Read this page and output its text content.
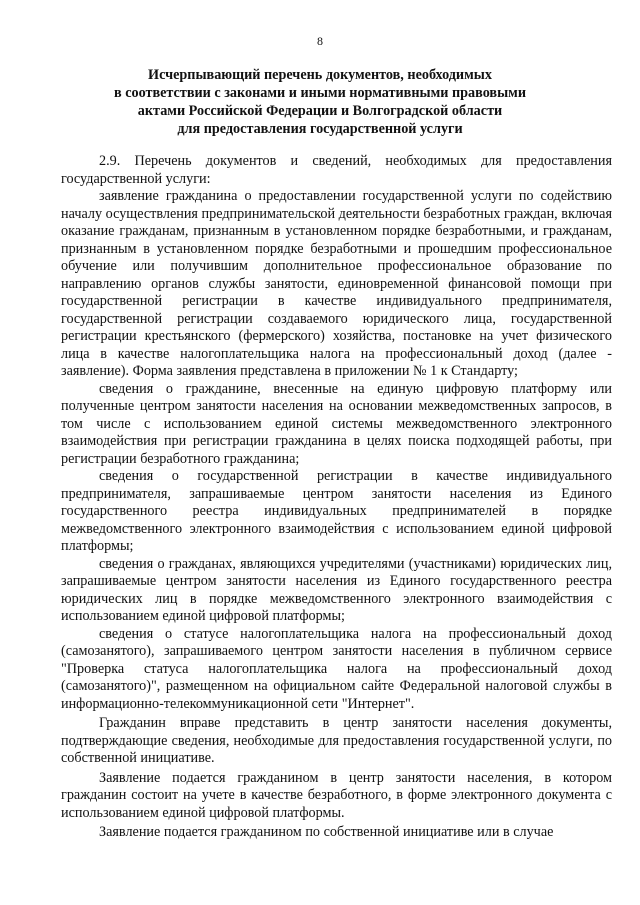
8
Исчерпывающий перечень документов, необходимых
в соответствии с законами и иными нормативными правовыми
актами Российской Федерации и Волгоградской области
для предоставления государственной услуги

2.9. Перечень документов и сведений, необходимых для предоставления государственной услуги:

заявление гражданина о предоставлении государственной услуги по содействию началу осуществления предпринимательской деятельности безработных граждан, включая оказание гражданам, признанным в установленном порядке безработными, и гражданам, признанным в установленном порядке безработными и прошедшим профессиональное обучение или получившим дополнительное профессиональное образование по направлению органов службы занятости, единовременной финансовой помощи при государственной регистрации в качестве индивидуального предпринимателя, государственной регистрации создаваемого юридического лица, государственной регистрации крестьянского (фермерского) хозяйства, постановке на учет физического лица в качестве налогоплательщика налога на профессиональный доход (далее - заявление). Форма заявления представлена в приложении № 1 к Стандарту;

сведения о гражданине, внесенные на единую цифровую платформу или полученные центром занятости населения на основании межведомственных запросов, в том числе с использованием единой системы межведомственного электронного взаимодействия при регистрации гражданина в целях поиска подходящей работы, при регистрации безработного гражданина;

сведения о государственной регистрации в качестве индивидуального предпринимателя, запрашиваемые центром занятости населения из Единого государственного реестра индивидуальных предпринимателей в порядке межведомственного электронного взаимодействия с использованием единой цифровой платформы;

сведения о гражданах, являющихся учредителями (участниками) юридических лиц, запрашиваемые центром занятости населения из Единого государственного реестра юридических лиц в порядке межведомственного электронного взаимодействия с использованием единой цифровой платформы;

сведения о статусе налогоплательщика налога на профессиональный доход (самозанятого), запрашиваемого центром занятости населения в публичном сервисе "Проверка статуса налогоплательщика налога на профессиональный доход (самозанятого)", размещенном на официальном сайте Федеральной налоговой службы в информационно-телекоммуникационной сети "Интернет".

Гражданин вправе представить в центр занятости населения документы, подтверждающие сведения, необходимые для предоставления государственной услуги, по собственной инициативе.

Заявление подается гражданином в центр занятости населения, в котором гражданин состоит на учете в качестве безработного, в форме электронного документа с использованием единой цифровой платформы.

Заявление подается гражданином по собственной инициативе или в случае
